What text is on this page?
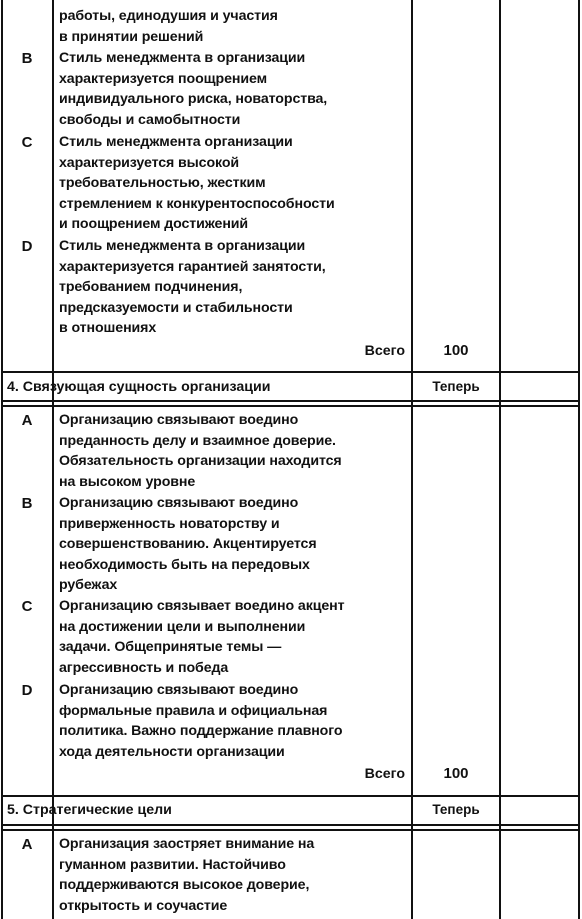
работы, единодушия и участия
в принятии решений
B	Стиль менеджмента в организации
характеризуется поощрением
индивидуального риска, новаторства,
свободы и самобытности
C	Стиль менеджмента организации
характеризуется высокой
требовательностью, жестким
стремлением к конкурентоспособности
и поощрением достижений
D	Стиль менеджмента в организации
характеризуется гарантией занятости,
требованием подчинения,
предсказуемости и стабильности
в отношениях
Всего	100
4. Связующая сущность организации	Теперь
A	Организацию связывают воедино
преданность делу и взаимное доверие.
Обязательность организации находится
на высоком уровне
B	Организацию связывают воедино
приверженность новаторству и
совершенствованию. Акцентируется
необходимость быть на передовых
рубежах
C	Организацию связывает воедино акцент
на достижении цели и выполнении
задачи. Общепринятые темы —
агрессивность и победа
D	Организацию связывают воедино
формальные правила и официальная
политика. Важно поддержание плавного
хода деятельности организации
Всего	100
5. Стратегические цели	Теперь
A	Организация заостряет внимание на
гуманном развитии. Настойчиво
поддерживаются высокое доверие,
открытость и соучастие
